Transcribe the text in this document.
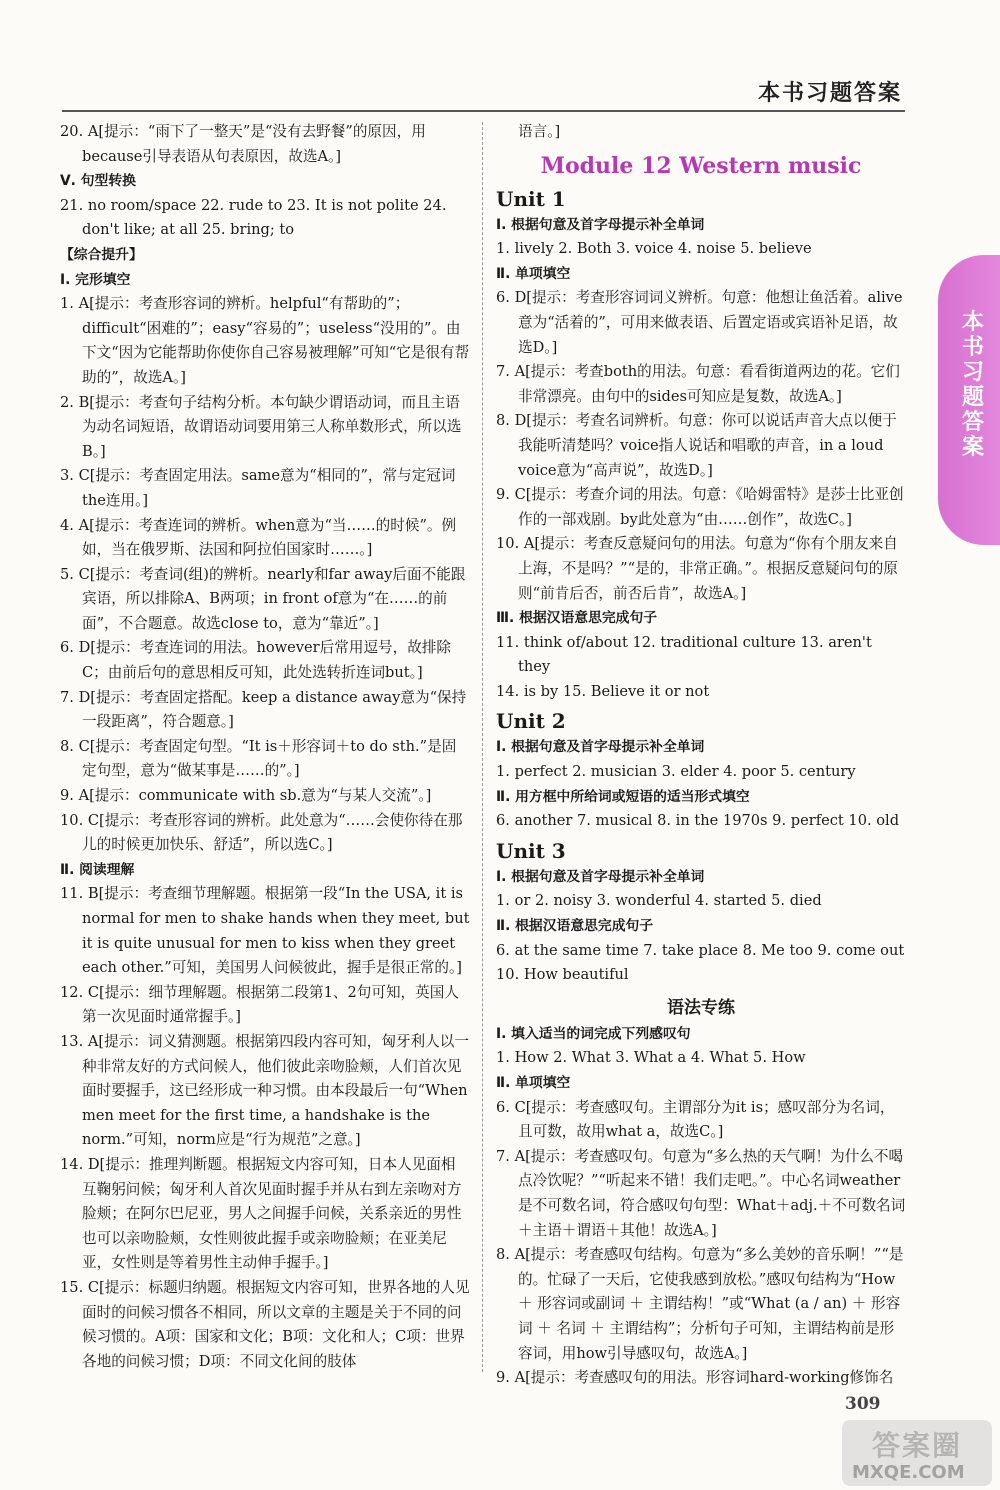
本书习题答案
本书习题答案
20. A[提示：“雨下了一整天”是“没有去野餐”的原因，用because引导表语从句表原因，故选A。]
Ⅴ. 句型转换
21. no room/space 22. rude to 23. It is not polite 24. don't like; at all 25. bring; to
【综合提升】
Ⅰ. 完形填空
1. A[提示：考查形容词的辨析。helpful“有帮助的”；difficult“困难的”；easy“容易的”；useless“没用的”。由下文“因为它能帮助你使你自己容易被理解”可知“它是很有帮助的”，故选A。]
2. B[提示：考查句子结构分析。本句缺少谓语动词，而且主语为动名词短语，故谓语动词要用第三人称单数形式，所以选B。]
3. C[提示：考查固定用法。same意为“相同的”，常与定冠词the连用。]
4. A[提示：考查连词的辨析。when意为“当……的时候”。例如，当在俄罗斯、法国和阿拉伯国家时……。]
5. C[提示：考查词(组)的辨析。nearly和far away后面不能跟宾语，所以排除A、B两项；in front of意为“在……的前面”，不合题意。故选close to，意为“靠近”。]
6. D[提示：考查连词的用法。however后常用逗号，故排除C；由前后句的意思相反可知，此处选转折连词but。]
7. D[提示：考查固定搭配。keep a distance away意为“保持一段距离”，符合题意。]
8. C[提示：考查固定句型。“It is＋形容词＋to do sth.”是固定句型，意为“做某事是……的”。]
9. A[提示：communicate with sb.意为“与某人交流”。]
10. C[提示：考查形容词的辨析。此处意为“……会使你待在那儿的时候更加快乐、舒适”，所以选C。]
Ⅱ. 阅读理解
11. B[提示：考查细节理解题。根据第一段“In the USA, it is normal for men to shake hands when they meet, but it is quite unusual for men to kiss when they greet each other.”可知，美国男人问候彼此，握手是很正常的。]
12. C[提示：细节理解题。根据第二段第1、2句可知，英国人第一次见面时通常握手。]
13. A[提示：词义猜测题。根据第四段内容可知，匈牙利人以一种非常友好的方式问候人，他们彼此亲吻脸颊，人们首次见面时要握手，这已经形成一种习惯。由本段最后一句“When men meet for the first time, a handshake is the norm.”可知，norm应是“行为规范”之意。]
14. D[提示：推理判断题。根据短文内容可知，日本人见面相互鞠躬问候；匈牙利人首次见面时握手并从右到左亲吻对方脸颊；在阿尔巴尼亚，男人之间握手问候，关系亲近的男性也可以亲吻脸颊，女性则彼此握手或亲吻脸颊；在亚美尼亚，女性则是等着男性主动伸手握手。]
15. C[提示：标题归纳题。根据短文内容可知，世界各地的人见面时的问候习惯各不相同，所以文章的主题是关于不同的问候习惯的。A项：国家和文化；B项：文化和人；C项：世界各地的问候习惯；D项：不同文化间的肢体
语言。]
Module 12 Western music
Unit 1
Ⅰ. 根据句意及首字母提示补全单词
1. lively 2. Both 3. voice 4. noise 5. believe
Ⅱ. 单项填空
6. D[提示：考查形容词词义辨析。句意：他想让鱼活着。alive意为“活着的”，可用来做表语、后置定语或宾语补足语，故选D。]
7. A[提示：考查both的用法。句意：看看街道两边的花。它们非常漂亮。由句中的sides可知应是复数，故选A。]
8. D[提示：考查名词辨析。句意：你可以说话声音大点以便于我能听清楚吗？voice指人说话和唱歌的声音，in a loud voice意为“高声说”，故选D。]
9. C[提示：考查介词的用法。句意：《哈姆雷特》是莎士比亚创作的一部戏剧。by此处意为“由……创作”，故选C。]
10. A[提示：考查反意疑问句的用法。句意为“你有个朋友来自上海，不是吗？”“是的，非常正确。”。根据反意疑问句的原则“前肯后否，前否后肯”，故选A。]
Ⅲ. 根据汉语意思完成句子
11. think of/about 12. traditional culture 13. aren't they
14. is by 15. Believe it or not
Unit 2
Ⅰ. 根据句意及首字母提示补全单词
1. perfect 2. musician 3. elder 4. poor 5. century
Ⅱ. 用方框中所给词或短语的适当形式填空
6. another 7. musical 8. in the 1970s 9. perfect 10. old
Unit 3
Ⅰ. 根据句意及首字母提示补全单词
1. or 2. noisy 3. wonderful 4. started 5. died
Ⅱ. 根据汉语意思完成句子
6. at the same time 7. take place 8. Me too 9. come out
10. How beautiful
语法专练
Ⅰ. 填入适当的词完成下列感叹句
1. How 2. What 3. What a 4. What 5. How
Ⅱ. 单项填空
6. C[提示：考查感叹句。主谓部分为it is；感叹部分为名词，且可数，故用what a，故选C。]
7. A[提示：考查感叹句。句意为“多么热的天气啊！为什么不喝点冷饮呢？”“听起来不错！我们走吧。”。中心名词weather是不可数名词，符合感叹句句型：What＋adj.＋不可数名词＋主语＋谓语＋其他！故选A。]
8. A[提示：考查感叹句结构。句意为“多么美妙的音乐啊！”“是的。忙碌了一天后，它使我感到放松。”感叹句结构为“How ＋ 形容词或副词 ＋ 主谓结构！”或“What (a / an) ＋ 形容词 ＋ 名词 ＋ 主谓结构”；分析句子可知，主谓结构前是形容词，用how引导感叹句，故选A。]
9. A[提示：考查感叹句的用法。形容词hard-working修饰名
309
答案圈
MXQE.COM
